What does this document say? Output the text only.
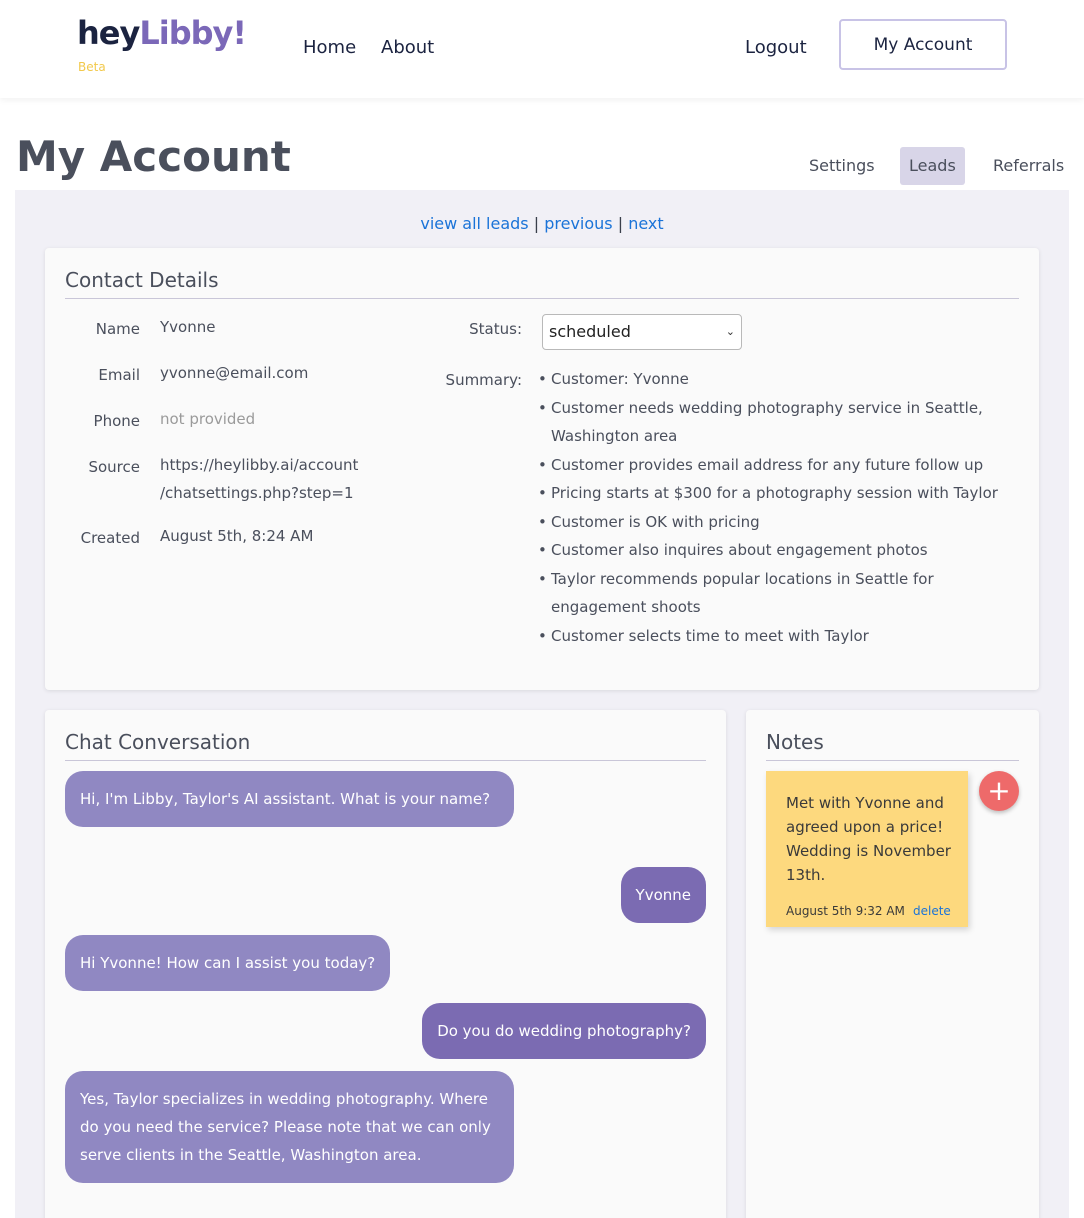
heyLibby!
Beta
Home About	Logout	My Account
My Account	Settings	Leads	Referrals
view all leads | previous | next
Contact Details
Name Yvonne
Email yvonne@email.com
Phone not provided
Source https://heylibby.ai/account
/chatsettings.php?step=1
Created August 5th, 8:24 AM
Status:	scheduled	⌄
Summary:
•	Customer: Yvonne
• Customer needs wedding photography service in Seattle, Washington area
• Customer provides email address for any future follow up
• Pricing starts at $300 for a photography session with Taylor
• Customer is OK with pricing
• Customer also inquires about engagement photos
• Taylor recommends popular locations in Seattle for engagement shoots
• Customer selects time to meet with Taylor
Chat Conversation
Hi, I'm Libby, Taylor's AI assistant. What is your name?
Yvonne
Hi Yvonne! How can I assist you today?
Do you do wedding photography?
Yes, Taylor specializes in wedding photography. Where do you need the service? Please note that we can only serve clients in the Seattle, Washington area.
Notes
Met with Yvonne and agreed upon a price! Wedding is November 13th.
August 5th 9:32 AM delete
+
